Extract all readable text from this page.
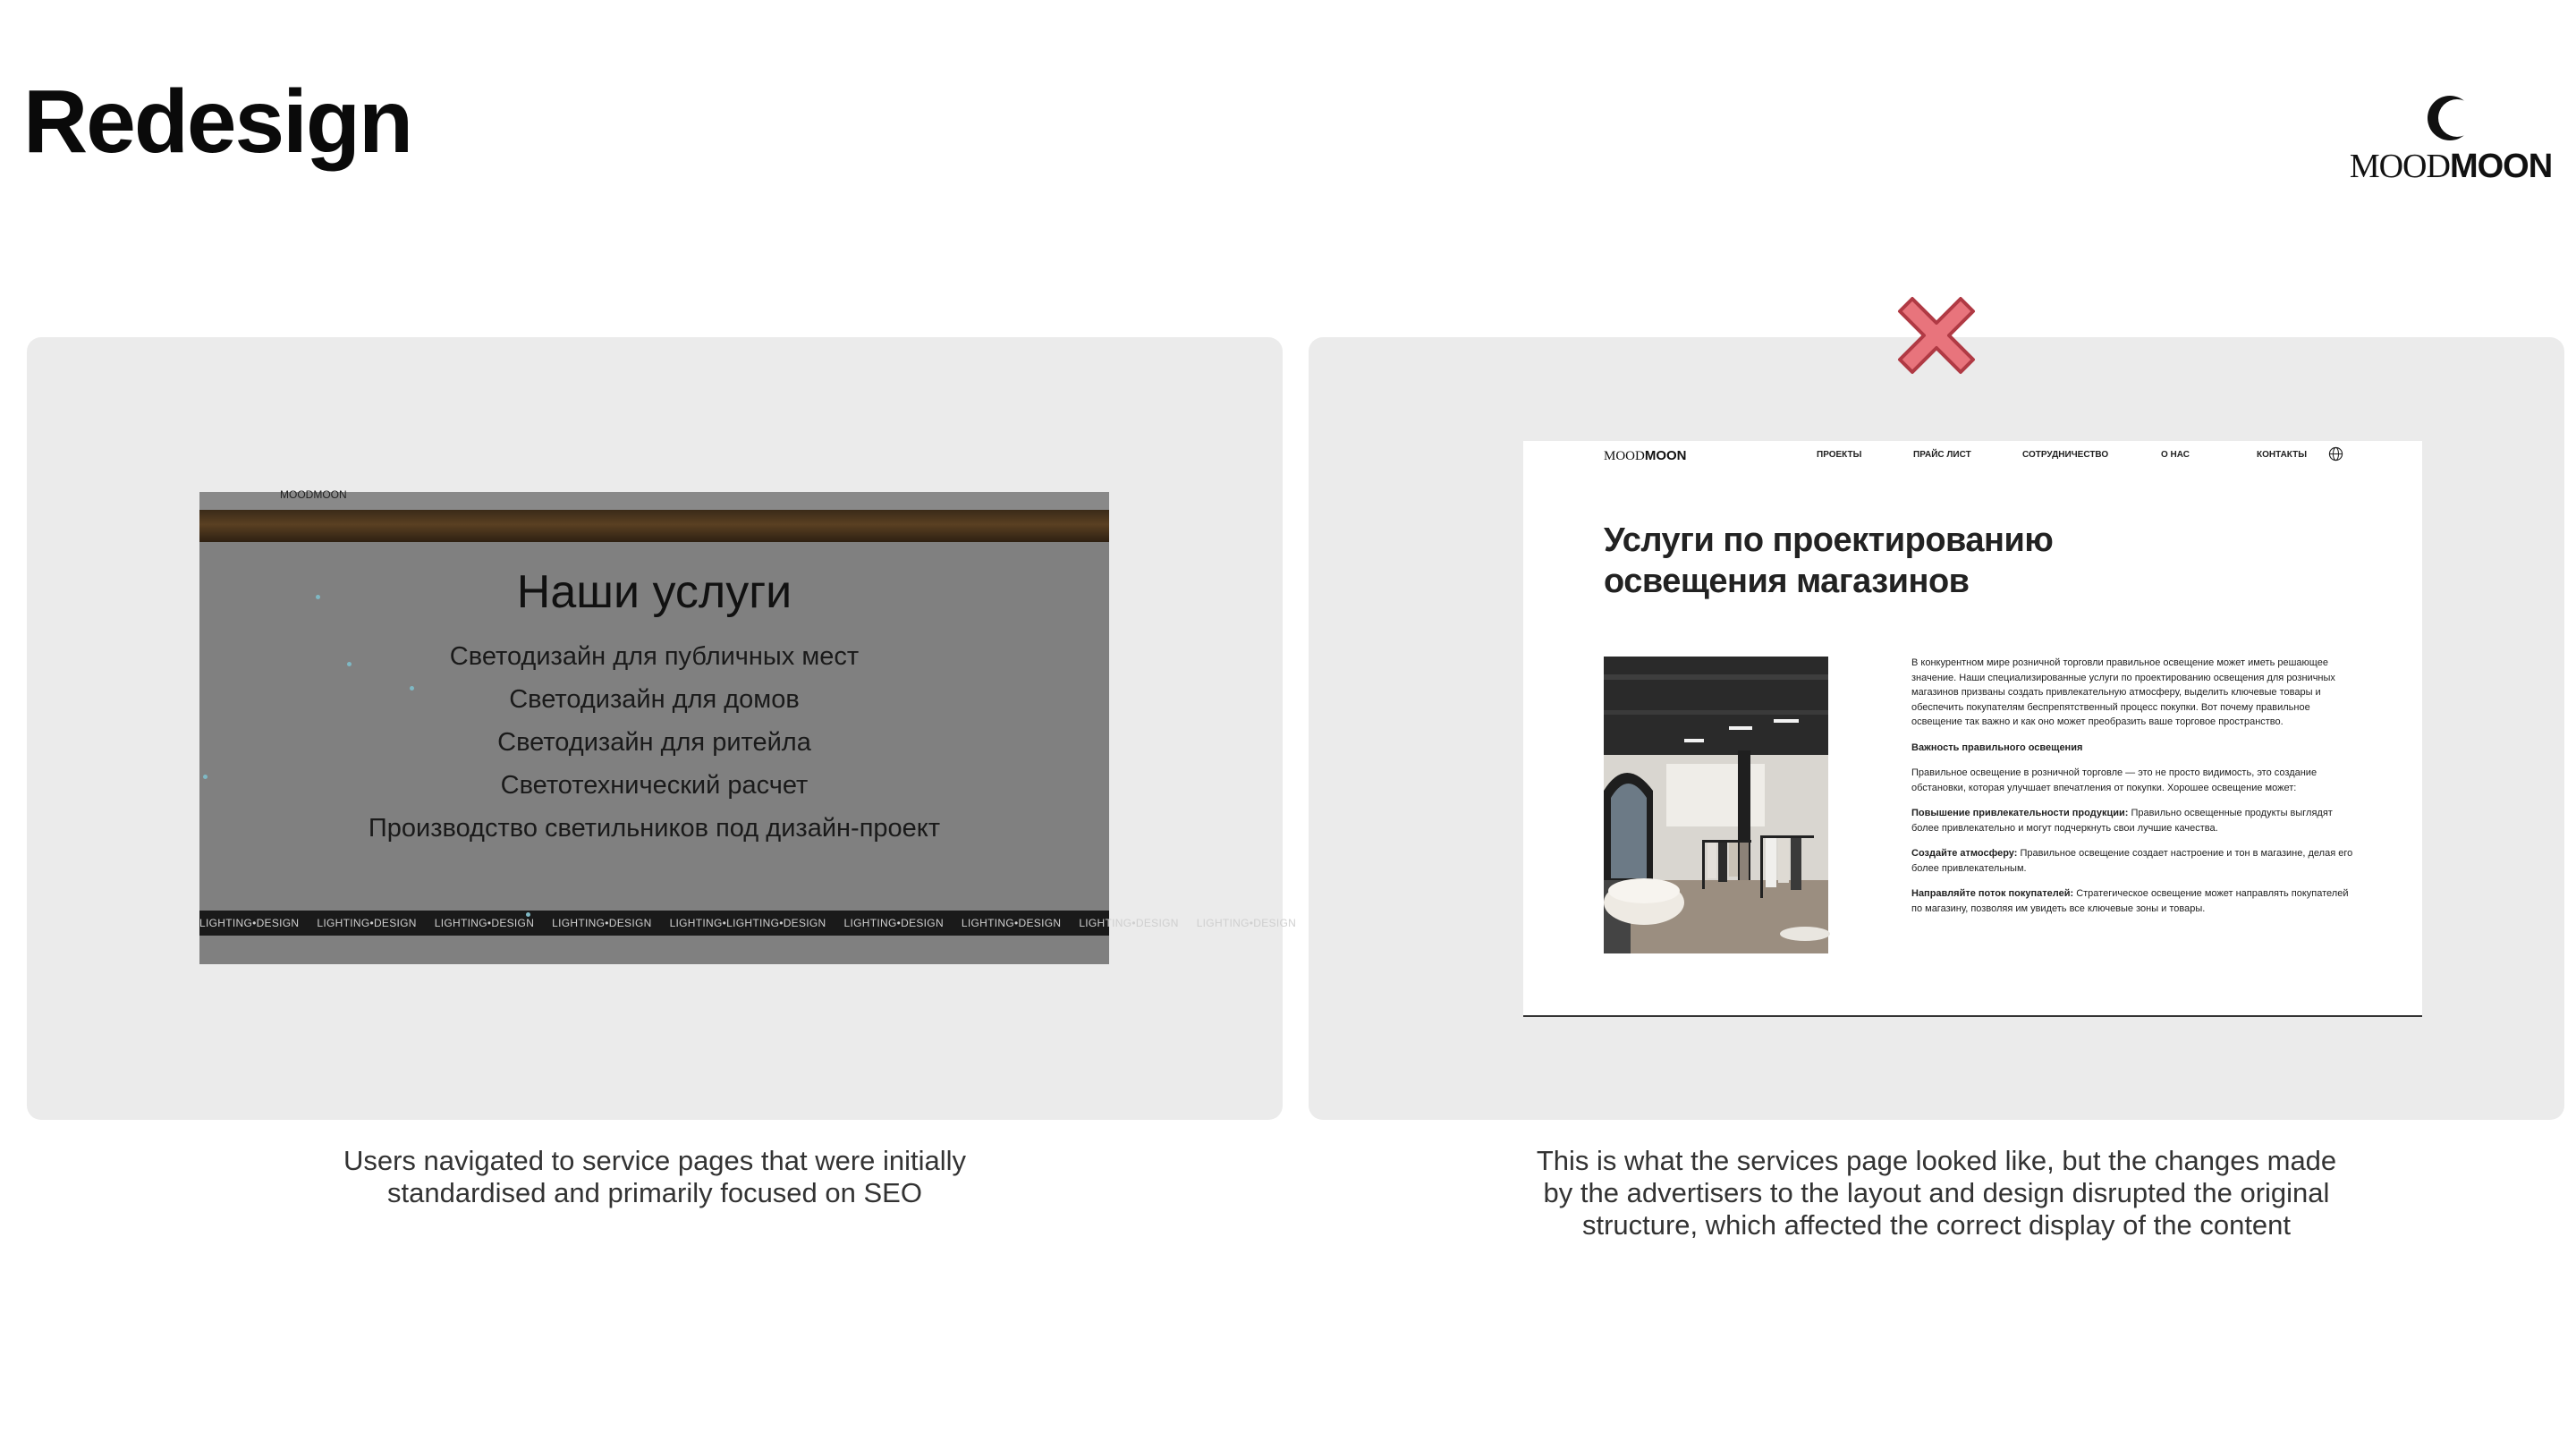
Redesign	MOODMOON
MOODMOON
Наши услуги
Светодизайн для публичных мест
Светодизайн для домов
Светодизайн для ритейла
Светотехнический расчет
Производство светильников под дизайн-проект
LIGHTING•DESIGN LIGHTING•DESIGN LIGHTING•DESIGN LIGHTING•DESIGN LIGHTING•LIGHTING•DESIGN LIGHTING•DESIGN LIGHTING•DESIGN LIGHTING•DESIGN LIGHTING•DESIGN
Users navigated to service pages that were initially
standardised and primarily focused on SEO
MOODMOON	ПРОЕКТЫ	ПРАЙС ЛИСТ	СОТРУДНИЧЕСТВО	О НАС	КОНТАКТЫ
Услуги по проектированию
освещения магазинов

В конкурентном мире розничной торговли правильное освещение может иметь решающее значение. Наши специализированные услуги по проектированию освещения для розничных магазинов призваны создать привлекательную атмосферу, выделить ключевые товары и обеспечить покупателям беспрепятственный процесс покупки. Вот почему правильное освещение так важно и как оно может преобразить ваше торговое пространство.

Важность правильного освещения

Правильное освещение в розничной торговле — это не просто видимость, это создание обстановки, которая улучшает впечатления от покупки. Хорошее освещение может:

Повышение привлекательности продукции: Правильно освещенные продукты выглядят более привлекательно и могут подчеркнуть свои лучшие качества.

Создайте атмосферу: Правильное освещение создает настроение и тон в магазине, делая его более привлекательным.

Направляйте поток покупателей: Стратегическое освещение может направлять покупателей по магазину, позволяя им увидеть все ключевые зоны и товары.

This is what the services page looked like, but the changes made
by the advertisers to the layout and design disrupted the original
structure, which affected the correct display of the content
